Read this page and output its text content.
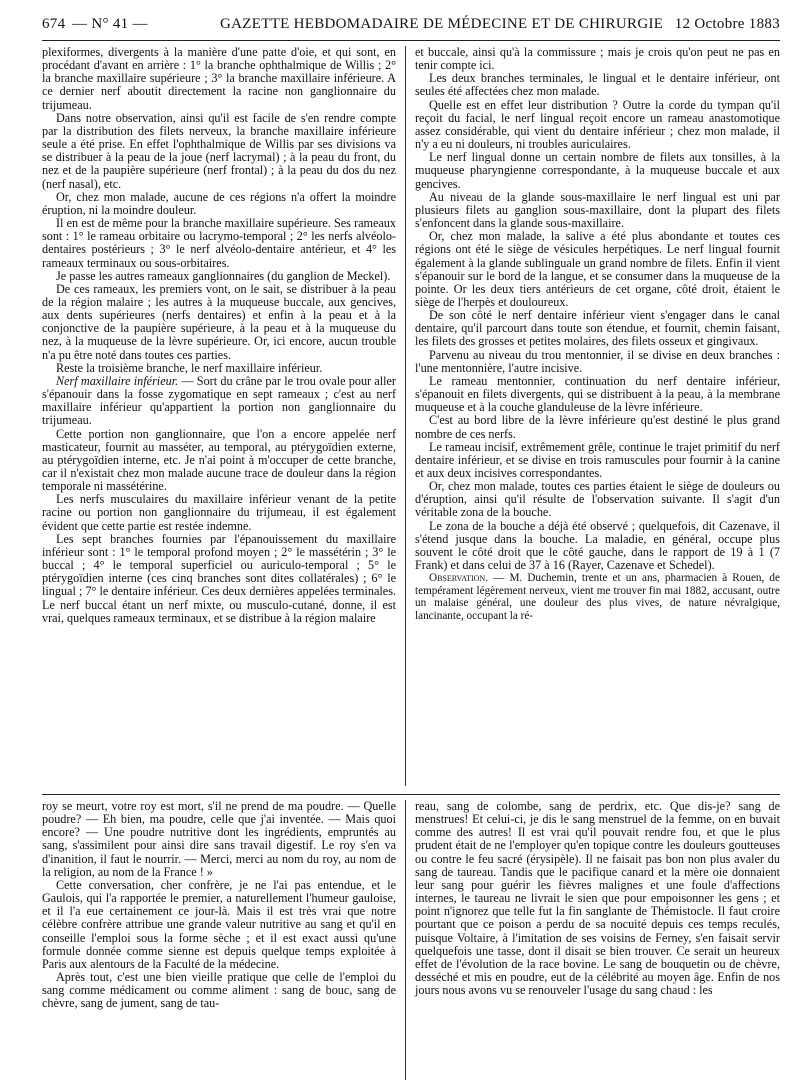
674 — N° 41 —	GAZETTE HEBDOMADAIRE DE MÉDECINE ET DE CHIRURGIE 12 Octobre 1883

plexiformes, divergents à la manière d'une patte d'oie, et qui sont, en procédant d'avant en arrière : 1° la branche ophthalmique de Willis ; 2° la branche maxillaire supérieure ; 3° la branche maxillaire inférieure. A ce dernier nerf aboutit directement la racine non ganglionnaire du trijumeau.

Dans notre observation, ainsi qu'il est facile de s'en rendre compte par la distribution des filets nerveux, la branche maxillaire inférieure seule a été prise. En effet l'ophthalmique de Willis par ses divisions va se distribuer à la peau de la joue (nerf lacrymal) ; à la peau du front, du nez et de la paupière supérieure (nerf frontal) ; à la peau du dos du nez (nerf nasal), etc.

Or, chez mon malade, aucune de ces régions n'a offert la moindre éruption, ni la moindre douleur.

Il en est de même pour la branche maxillaire supérieure. Ses rameaux sont : 1° le rameau orbitaire ou lacrymo-temporal ; 2° les nerfs alvéolo-dentaires postérieurs ; 3° le nerf alvéolo-dentaire antérieur, et 4° les rameaux terminaux ou sous-orbitaires.

Je passe les autres rameaux ganglionnaires (du ganglion de Meckel).

De ces rameaux, les premiers vont, on le sait, se distribuer à la peau de la région malaire ; les autres à la muqueuse buccale, aux gencives, aux dents supérieures (nerfs dentaires) et enfin à la peau et à la conjonctive de la paupière supérieure, à la peau et à la muqueuse du nez, à la muqueuse de la lèvre supérieure. Or, ici encore, aucun trouble n'a pu être noté dans toutes ces parties.

Reste la troisième branche, le nerf maxillaire inférieur.

Nerf maxillaire inférieur. — Sort du crâne par le trou ovale pour aller s'épanouir dans la fosse zygomatique en sept rameaux ; c'est au nerf maxillaire inférieur qu'appartient la portion non ganglionnaire du trijumeau.

Cette portion non ganglionnaire, que l'on a encore appelée nerf masticateur, fournit au masséter, au temporal, au ptérygoïdien externe, au ptérygoïdien interne, etc. Je n'ai point à m'occuper de cette branche, car il n'existait chez mon malade aucune trace de douleur dans la région temporale ni massétérine.

Les nerfs musculaires du maxillaire inférieur venant de la petite racine ou portion non ganglionnaire du trijumeau, il est également évident que cette partie est restée indemne.

Les sept branches fournies par l'épanouissement du maxillaire inférieur sont : 1° le temporal profond moyen ; 2° le massétérin ; 3° le buccal ; 4° le temporal superficiel ou auriculo-temporal ; 5° le ptérygoïdien interne (ces cinq branches sont dites collatérales) ; 6° le lingual ; 7° le dentaire inférieur. Ces deux dernières appelées terminales. Le nerf buccal étant un nerf mixte, ou musculo-cutané, donne, il est vrai, quelques rameaux terminaux, et se distribue à la région malaire

et buccale, ainsi qu'à la commissure ; mais je crois qu'on peut ne pas en tenir compte ici.

Les deux branches terminales, le lingual et le dentaire inférieur, ont seules été affectées chez mon malade.

Quelle est en effet leur distribution ? Outre la corde du tympan qu'il reçoit du facial, le nerf lingual reçoit encore un rameau anastomotique assez considérable, qui vient du dentaire inférieur ; chez mon malade, il n'y a eu ni douleurs, ni troubles auriculaires.

Le nerf lingual donne un certain nombre de filets aux tonsilles, à la muqueuse pharyngienne correspondante, à la muqueuse buccale et aux gencives.

Au niveau de la glande sous-maxillaire le nerf lingual est uni par plusieurs filets au ganglion sous-maxillaire, dont la plupart des filets s'enfoncent dans la glande sous-maxillaire.

Or, chez mon malade, la salive a été plus abondante et toutes ces régions ont été le siège de vésicules herpétiques. Le nerf lingual fournit également à la glande sublinguale un grand nombre de filets. Enfin il vient s'épanouir sur le bord de la langue, et se consumer dans la muqueuse de la pointe. Or les deux tiers antérieurs de cet organe, côté droit, étaient le siège de l'herpès et douloureux.

De son côté le nerf dentaire inférieur vient s'engager dans le canal dentaire, qu'il parcourt dans toute son étendue, et fournit, chemin faisant, les filets des grosses et petites molaires, des filets osseux et gingivaux.

Parvenu au niveau du trou mentonnier, il se divise en deux branches : l'une mentonnière, l'autre incisive.

Le rameau mentonnier, continuation du nerf dentaire inférieur, s'épanouit en filets divergents, qui se distribuent à la peau, à la membrane muqueuse et à la couche glanduleuse de la lèvre inférieure.

C'est au bord libre de la lèvre inférieure qu'est destiné le plus grand nombre de ces nerfs.

Le rameau incisif, extrêmement grêle, continue le trajet primitif du nerf dentaire inférieur, et se divise en trois ramuscules pour fournir à la canine et aux deux incisives correspondantes.

Or, chez mon malade, toutes ces parties étaient le siège de douleurs ou d'éruption, ainsi qu'il résulte de l'observation suivante. Il s'agit d'un véritable zona de la bouche.

Le zona de la bouche a déjà été observé ; quelquefois, dit Cazenave, il s'étend jusque dans la bouche. La maladie, en général, occupe plus souvent le côté droit que le côté gauche, dans le rapport de 19 à 1 (7 Frank) et dans celui de 37 à 16 (Rayer, Cazenave et Schedel).

Observation. — M. Duchemin, trente et un ans, pharmacien à Rouen, de tempérament légèrement nerveux, vient me trouver fin mai 1882, accusant, outre un malaise général, une douleur des plus vives, de nature névralgique, lancinante, occupant la ré-

roy se meurt, votre roy est mort, s'il ne prend de ma poudre. — Quelle poudre? — Eh bien, ma poudre, celle que j'ai inventée. — Mais quoi encore? — Une poudre nutritive dont les ingrédients, empruntés au sang, s'assimilent pour ainsi dire sans travail digestif. Le roy s'en va d'inanition, il faut le nourrir. — Merci, merci au nom du roy, au nom de la religion, au nom de la France ! »

Cette conversation, cher confrère, je ne l'ai pas entendue, et le Gaulois, qui l'a rapportée le premier, a naturellement l'humeur gauloise, et il l'a eue certainement ce jour-là. Mais il est très vrai que notre célèbre confrère attribue une grande valeur nutritive au sang et qu'il en conseille l'emploi sous la forme sèche ; et il est exact aussi qu'une formule donnée comme sienne est depuis quelque temps exploitée à Paris aux alentours de la Faculté de la médecine.

Après tout, c'est une bien vieille pratique que celle de l'emploi du sang comme médicament ou comme aliment : sang de bouc, sang de chèvre, sang de jument, sang de tau-

reau, sang de colombe, sang de perdrix, etc. Que dis-je? sang de menstrues! Et celui-ci, je dis le sang menstruel de la femme, on en buvait comme des autres! Il est vrai qu'il pouvait rendre fou, et que le plus prudent était de ne l'employer qu'en topique contre les douleurs goutteuses ou contre le feu sacré (érysipèle). Il ne faisait pas bon non plus avaler du sang de taureau. Tandis que le pacifique canard et la mère oie donnaient leur sang pour guérir les fièvres malignes et une foule d'affections internes, le taureau ne livrait le sien que pour empoisonner les gens ; et point n'ignorez que telle fut la fin sanglante de Thémistocle. Il faut croire pourtant que ce poison a perdu de sa nocuité depuis ces temps reculés, puisque Voltaire, à l'imitation de ses voisins de Ferney, s'en faisait servir quelquefois une tasse, dont il disait se bien trouver. Ce serait un heureux effet de l'évolution de la race bovine. Le sang de bouquetin ou de chèvre, desséché et mis en poudre, eut de la célébrité au moyen âge. Enfin de nos jours nous avons vu se renouveler l'usage du sang chaud : les
